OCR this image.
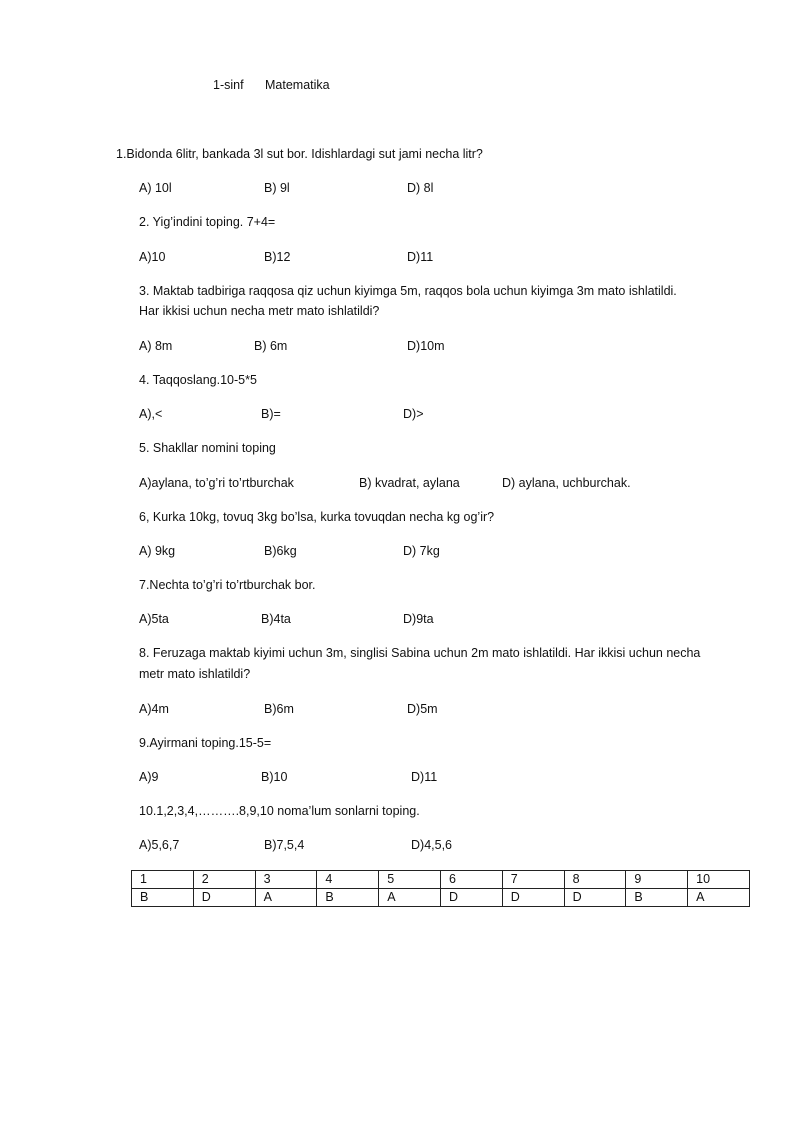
1-sinf Matematika
1.Bidonda 6litr, bankada 3l sut bor. Idishlardagi sut jami necha litr?
A) 10l	B) 9l	D) 8l
2. Yig’indini toping. 7+4=
A)10	B)12	D)11
3. Maktab tadbiriga raqqosa qiz uchun kiyimga 5m, raqqos bola uchun kiyimga 3m mato ishlatildi.
Har ikkisi uchun necha metr mato ishlatildi?
A) 8m	B) 6m	D)10m
4. Taqqoslang.10-5*5
A),<	B)=	D)>
5. Shakllar nomini toping
A)aylana, to’g’ri to’rtburchak	B) kvadrat, aylana	D) aylana, uchburchak.
6, Kurka 10kg, tovuq 3kg bo’lsa, kurka tovuqdan necha kg og’ir?
A) 9kg	B)6kg	D) 7kg
7.Nechta to’g’ri to’rtburchak bor.
A)5ta	B)4ta	D)9ta
8. Feruzaga maktab kiyimi uchun 3m, singlisi Sabina uchun 2m mato ishlatildi. Har ikkisi uchun necha
metr mato ishlatildi?
A)4m	B)6m	D)5m
9.Ayirmani toping.15-5=
A)9	B)10	D)11
10.1,2,3,4,……….8,9,10 noma’lum sonlarni toping.
A)5,6,7	B)7,5,4	D)4,5,6
1	2	3	4	5	6	7	8	9	10
B	D	A	B	A	D	D	D	B	A
